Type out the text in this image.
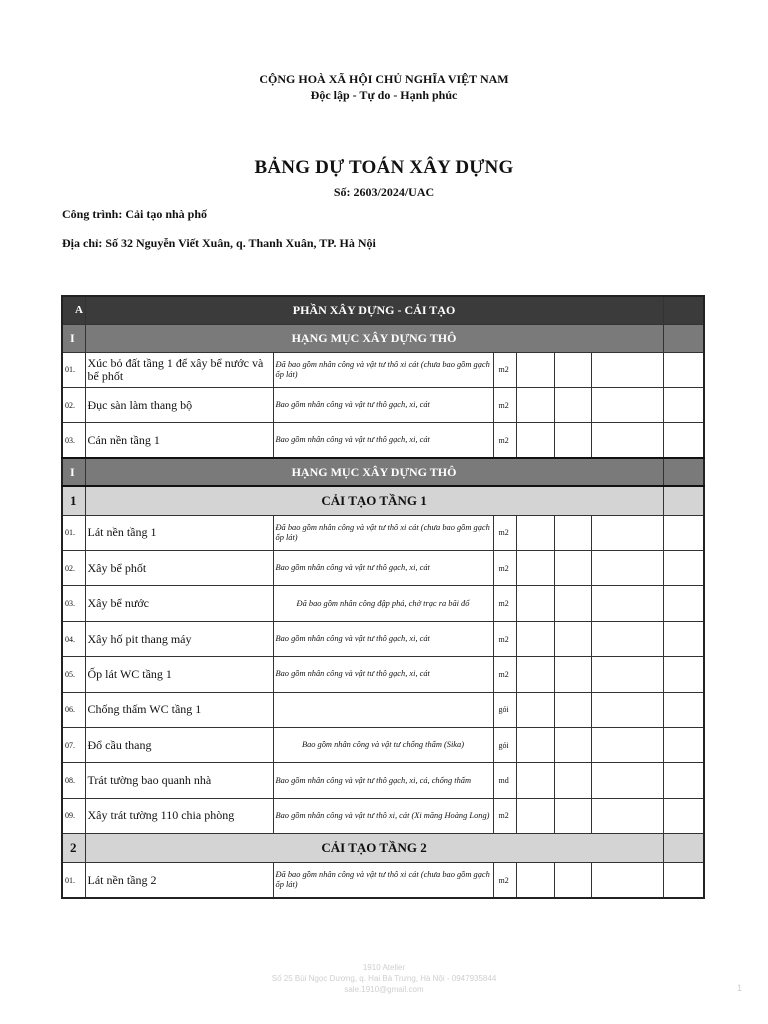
CỘNG HOÀ XÃ HỘI CHỦ NGHĨA VIỆT NAM
Độc lập - Tự do - Hạnh phúc
BẢNG DỰ TOÁN XÂY DỰNG
Số: 2603/2024/UAC
Công trình: Cải tạo nhà phố
Địa chỉ: Số 32 Nguyễn Viết Xuân, q. Thanh Xuân, TP. Hà Nội
A	PHẦN XÂY DỰNG - CẢI TẠO						
I	HẠNG MỤC XÂY DỰNG THÔ						
01.	Xúc bỏ đất tầng 1 để xây bể nước và bể phốt	Đã bao gồm nhân công và vật tư thô xi cát (chưa bao gồm gạch ốp lát)	m2				
02.	Đục sàn làm thang bộ	Bao gồm nhân công và vật tư thô gạch, xi, cát	m2				
03.	Cán nền tầng 1	Bao gồm nhân công và vật tư thô gạch, xi, cát	m2				
I	HẠNG MỤC XÂY DỰNG THÔ						
1	CẢI TẠO TẦNG 1						
01.	Lát nền tầng 1	Đã bao gồm nhân công và vật tư thô xi cát (chưa bao gồm gạch ốp lát)	m2				
02.	Xây bể phốt	Bao gồm nhân công và vật tư thô gạch, xi, cát	m2				
03.	Xây bể nước	Đã bao gồm nhân công đập phá, chở trạc ra bãi đổ	m2				
04.	Xây hố pit thang máy	Bao gồm nhân công và vật tư thô gạch, xi, cát	m2				
05.	Ốp lát WC tầng 1	Bao gồm nhân công và vật tư thô gạch, xi, cát	m2				
06.	Chống thấm WC tầng 1		gói				
07.	Đổ cầu thang	Bao gồm nhân công và vật tư chống thấm (Sika)	gói				
08.	Trát tường bao quanh nhà	Bao gồm nhân công và vật tư thô gạch, xi, cá, chống thấm	md				
09.	Xây trát tường 110 chia phòng	Bao gồm nhân công và vật tư thô xi, cát (Xi măng Hoàng Long)	m2				
2	CẢI TẠO TẦNG 2						
01.	Lát nền tầng 2	Đã bao gồm nhân công và vật tư thô xi cát (chưa bao gồm gạch ốp lát)	m2				
1910 Atelier
Số 25 Bùi Ngọc Dương, q. Hai Bà Trưng, Hà Nội - 0947935844
sale.1910@gmail.com	1
